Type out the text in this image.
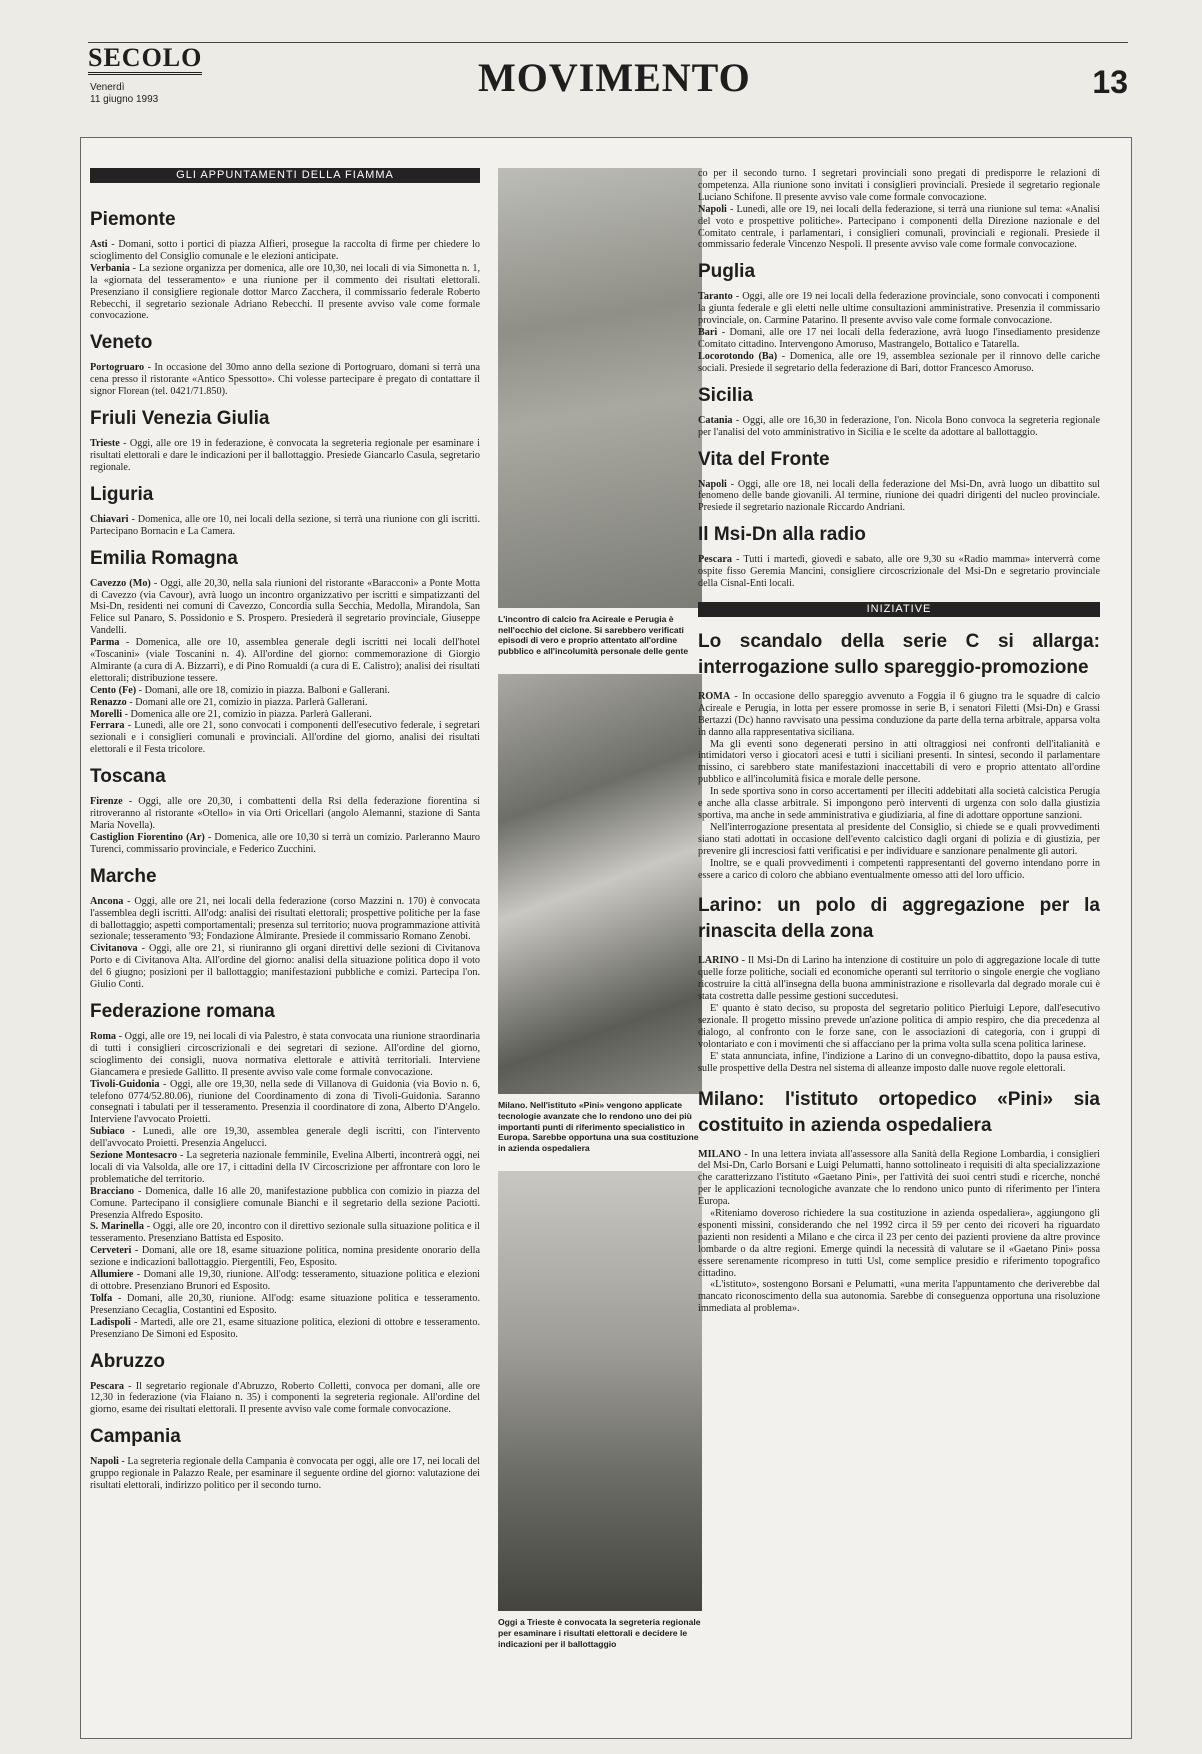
SECOLO
Venerdì
11 giugno 1993	MOVIMENTO	13
GLI APPUNTAMENTI DELLA FIAMMA
Piemonte

Asti - Domani, sotto i portici di piazza Alfieri, prosegue la raccolta di firme per chiedere lo scioglimento del Consiglio comunale e le elezioni anticipate.

Verbania - La sezione organizza per domenica, alle ore 10,30, nei locali di via Simonetta n. 1, la «giornata del tesseramento» e una riunione per il commento dei risultati elettorali. Presenziano il consigliere regionale dottor Marco Zacchera, il commissario federale Roberto Rebecchi, il segretario sezionale Adriano Rebecchi. Il presente avviso vale come formale convocazione.

Veneto

Portogruaro - In occasione del 30mo anno della sezione di Portogruaro, domani si terrà una cena presso il ristorante «Antico Spessotto». Chi volesse partecipare è pregato di contattare il signor Florean (tel. 0421/71.850).

Friuli Venezia Giulia

Trieste - Oggi, alle ore 19 in federazione, è convocata la segreteria regionale per esaminare i risultati elettorali e dare le indicazioni per il ballottaggio. Presiede Giancarlo Casula, segretario regionale.

Liguria

Chiavari - Domenica, alle ore 10, nei locali della sezione, si terrà una riunione con gli iscritti. Partecipano Bornacin e La Camera.

Emilia Romagna

Cavezzo (Mo) - Oggi, alle 20,30, nella sala riunioni del ristorante «Baracconi» a Ponte Motta di Cavezzo (via Cavour), avrà luogo un incontro organizzativo per iscritti e simpatizzanti del Msi-Dn, residenti nei comuni di Cavezzo, Concordia sulla Secchia, Medolla, Mirandola, San Felice sul Panaro, S. Possidonio e S. Prospero. Presiederà il segretario provinciale, Giuseppe Vandelli.

Parma - Domenica, alle ore 10, assemblea generale degli iscritti nei locali dell'hotel «Toscanini» (viale Toscanini n. 4). All'ordine del giorno: commemorazione di Giorgio Almirante (a cura di A. Bizzarri), e di Pino Romualdi (a cura di E. Calistro); analisi dei risultati elettorali; distribuzione tessere.

Cento (Fe) - Domani, alle ore 18, comizio in piazza. Balboni e Gallerani.

Renazzo - Domani alle ore 21, comizio in piazza. Parlerà Gallerani.

Morelli - Domenica alle ore 21, comizio in piazza. Parlerà Gallerani.

Ferrara - Lunedì, alle ore 21, sono convocati i componenti dell'esecutivo federale, i segretari sezionali e i consiglieri comunali e provinciali. All'ordine del giorno, analisi dei risultati elettorali e il Festa tricolore.

Toscana

Firenze - Oggi, alle ore 20,30, i combattenti della Rsi della federazione fiorentina si ritroveranno al ristorante «Otello» in via Orti Oricellari (angolo Alemanni, stazione di Santa Maria Novella).

Castiglion Fiorentino (Ar) - Domenica, alle ore 10,30 si terrà un comizio. Parleranno Mauro Turenci, commissario provinciale, e Federico Zucchini.

Marche

Ancona - Oggi, alle ore 21, nei locali della federazione (corso Mazzini n. 170) è convocata l'assemblea degli iscritti. All'odg: analisi dei risultati elettorali; prospettive politiche per la fase di ballottaggio; aspetti comportamentali; presenza sul territorio; nuova programmazione attività sezionale; tesseramento '93; Fondazione Almirante. Presiede il commissario Romano Zenobi.

Civitanova - Oggi, alle ore 21, si riuniranno gli organi direttivi delle sezioni di Civitanova Porto e di Civitanova Alta. All'ordine del giorno: analisi della situazione politica dopo il voto del 6 giugno; posizioni per il ballottaggio; manifestazioni pubbliche e comizi. Partecipa l'on. Giulio Conti.

Federazione romana

Roma - Oggi, alle ore 19, nei locali di via Palestro, è stata convocata una riunione straordinaria di tutti i consiglieri circoscrizionali e dei segretari di sezione. All'ordine del giorno, scioglimento dei consigli, nuova normativa elettorale e attività territoriali. Interviene Giancamera e presiede Gallitto. Il presente avviso vale come formale convocazione.

Tivoli-Guidonia - Oggi, alle ore 19,30, nella sede di Villanova di Guidonia (via Bovio n. 6, telefono 0774/52.80.06), riunione del Coordinamento di zona di Tivoli-Guidonia. Saranno consegnati i tabulati per il tesseramento. Presenzia il coordinatore di zona, Alberto D'Angelo. Interviene l'avvocato Proietti.

Subiaco - Lunedì, alle ore 19,30, assemblea generale degli iscritti, con l'intervento dell'avvocato Proietti. Presenzia Angelucci.

Sezione Montesacro - La segreteria nazionale femminile, Evelina Alberti, incontrerà oggi, nei locali di via Valsolda, alle ore 17, i cittadini della IV Circoscrizione per affrontare con loro le problematiche del territorio.

Bracciano - Domenica, dalle 16 alle 20, manifestazione pubblica con comizio in piazza del Comune. Partecipano il consigliere comunale Bianchi e il segretario della sezione Paciotti. Presenzia Alfredo Esposito.

S. Marinella - Oggi, alle ore 20, incontro con il direttivo sezionale sulla situazione politica e il tesseramento. Presenziano Battista ed Esposito.

Cerveteri - Domani, alle ore 18, esame situazione politica, nomina presidente onorario della sezione e indicazioni ballottaggio. Piergentili, Feo, Esposito.

Allumiere - Domani alle 19,30, riunione. All'odg: tesseramento, situazione politica e elezioni di ottobre. Presenziano Brunori ed Esposito.

Tolfa - Domani, alle 20,30, riunione. All'odg: esame situazione politica e tesseramento. Presenziano Cecaglia, Costantini ed Esposito.

Ladispoli - Martedì, alle ore 21, esame situazione politica, elezioni di ottobre e tesseramento. Presenziano De Simoni ed Esposito.

Abruzzo

Pescara - Il segretario regionale d'Abruzzo, Roberto Colletti, convoca per domani, alle ore 12,30 in federazione (via Flaiano n. 35) i componenti la segreteria regionale. All'ordine del giorno, esame dei risultati elettorali. Il presente avviso vale come formale convocazione.

Campania

Napoli - La segreteria regionale della Campania è convocata per oggi, alle ore 17, nei locali del gruppo regionale in Palazzo Reale, per esaminare il seguente ordine del giorno: valutazione dei risultati elettorali, indirizzo politico per il secondo turno.

L'incontro di calcio fra Acireale e Perugia è nell'occhio del ciclone. Si sarebbero verificati episodi di vero e proprio attentato all'ordine pubblico e all'incolumità personale delle gente
Milano. Nell'istituto «Pini» vengono applicate tecnologie avanzate che lo rendono uno dei più importanti punti di riferimento specialistico in Europa. Sarebbe opportuna una sua costituzione in azienda ospedaliera
Oggi a Trieste è convocata la segreteria regionale per esaminare i risultati elettorali e decidere le indicazioni per il ballottaggio

co per il secondo turno. I segretari provinciali sono pregati di predisporre le relazioni di competenza. Alla riunione sono invitati i consiglieri provinciali. Presiede il segretario regionale Luciano Schifone. Il presente avviso vale come formale convocazione.

Napoli - Lunedì, alle ore 19, nei locali della federazione, si terrà una riunione sul tema: «Analisi del voto e prospettive politiche». Partecipano i componenti della Direzione nazionale e del Comitato centrale, i parlamentari, i consiglieri comunali, provinciali e regionali. Presiede il commissario federale Vincenzo Nespoli. Il presente avviso vale come formale convocazione.

Puglia

Taranto - Oggi, alle ore 19 nei locali della federazione provinciale, sono convocati i componenti la giunta federale e gli eletti nelle ultime consultazioni amministrative. Presenzia il commissario provinciale, on. Carmine Patarino. Il presente avviso vale come formale convocazione.

Bari - Domani, alle ore 17 nei locali della federazione, avrà luogo l'insediamento presidenze Comitato cittadino. Intervengono Amoruso, Mastrangelo, Bottalico e Tatarella.

Locorotondo (Ba) - Domenica, alle ore 19, assemblea sezionale per il rinnovo delle cariche sociali. Presiede il segretario della federazione di Bari, dottor Francesco Amoruso.

Sicilia

Catania - Oggi, alle ore 16,30 in federazione, l'on. Nicola Bono convoca la segreteria regionale per l'analisi del voto amministrativo in Sicilia e le scelte da adottare al ballottaggio.

Vita del Fronte

Napoli - Oggi, alle ore 18, nei locali della federazione del Msi-Dn, avrà luogo un dibattito sul fenomeno delle bande giovanili. Al termine, riunione dei quadri dirigenti del nucleo provinciale. Presiede il segretario nazionale Riccardo Andriani.

Il Msi-Dn alla radio

Pescara - Tutti i martedì, giovedì e sabato, alle ore 9,30 su «Radio mamma» interverrà come ospite fisso Geremia Mancini, consigliere circoscrizionale del Msi-Dn e segretario provinciale della Cisnal-Enti locali.

INIZIATIVE
Lo scandalo della serie C si allarga: interrogazione sullo spareggio-promozione

ROMA - In occasione dello spareggio avvenuto a Foggia il 6 giugno tra le squadre di calcio Acireale e Perugia, in lotta per essere promosse in serie B, i senatori Filetti (Msi-Dn) e Grassi Bertazzi (Dc) hanno ravvisato una pessima conduzione da parte della terna arbitrale, apparsa volta in danno alla rappresentativa siciliana.

Ma gli eventi sono degenerati persino in atti oltraggiosi nei confronti dell'italianità e intimidatori verso i giocatori acesi e tutti i siciliani presenti. In sintesi, secondo il parlamentare missino, ci sarebbero state manifestazioni inaccettabili di vero e proprio attentato all'ordine pubblico e all'incolumità fisica e morale delle persone.

In sede sportiva sono in corso accertamenti per illeciti addebitati alla società calcistica Perugia e anche alla classe arbitrale. Si impongono però interventi di urgenza con solo dalla giustizia sportiva, ma anche in sede amministrativa e giudiziaria, al fine di adottare opportune sanzioni.

Nell'interrogazione presentata al presidente del Consiglio, si chiede se e quali provvedimenti siano stati adottati in occasione dell'evento calcistico dagli organi di polizia e di giustizia, per prevenire gli incresciosi fatti verificatisi e per individuare e sanzionare penalmente gli autori.

Inoltre, se e quali provvedimenti i competenti rappresentanti del governo intendano porre in essere a carico di coloro che abbiano eventualmente omesso atti del loro ufficio.

Larino: un polo di aggregazione per la rinascita della zona

LARINO - Il Msi-Dn di Larino ha intenzione di costituire un polo di aggregazione locale di tutte quelle forze politiche, sociali ed economiche operanti sul territorio o singole energie che vogliano ricostruire la città all'insegna della buona amministrazione e risollevarla dal degrado morale cui è stata costretta dalle pessime gestioni succedutesi.

E' quanto è stato deciso, su proposta del segretario politico Pierluigi Lepore, dall'esecutivo sezionale. Il progetto missino prevede un'azione politica di ampio respiro, che dia precedenza al dialogo, al confronto con le forze sane, con le associazioni di categoria, con i gruppi di volontariato e con i movimenti che si affacciano per la prima volta sulla scena politica larinese.

E' stata annunciata, infine, l'indizione a Larino di un convegno-dibattito, dopo la pausa estiva, sulle prospettive della Destra nel sistema di alleanze imposto dalle nuove regole elettorali.

Milano: l'istituto ortopedico «Pini» sia costituito in azienda ospedaliera

MILANO - In una lettera inviata all'assessore alla Sanità della Regione Lombardia, i consiglieri del Msi-Dn, Carlo Borsani e Luigi Pelumatti, hanno sottolineato i requisiti di alta specializzazione che caratterizzano l'istituto «Gaetano Pini», per l'attività dei suoi centri studi e ricerche, nonché per le applicazioni tecnologiche avanzate che lo rendono unico punto di riferimento per l'intera Europa.

«Riteniamo doveroso richiedere la sua costituzione in azienda ospedaliera», aggiungono gli esponenti missini, considerando che nel 1992 circa il 59 per cento dei ricoveri ha riguardato pazienti non residenti a Milano e che circa il 23 per cento dei pazienti proviene da altre province lombarde o da altre regioni. Emerge quindi la necessità di valutare se il «Gaetano Pini» possa essere serenamente ricompreso in tutti Usl, come semplice presidio e riferimento topografico cittadino.

«L'istituto», sostengono Borsani e Pelumatti, «una merita l'appuntamento che deriverebbe dal mancato riconoscimento della sua autonomia. Sarebbe di conseguenza opportuna una risoluzione immediata al problema».
